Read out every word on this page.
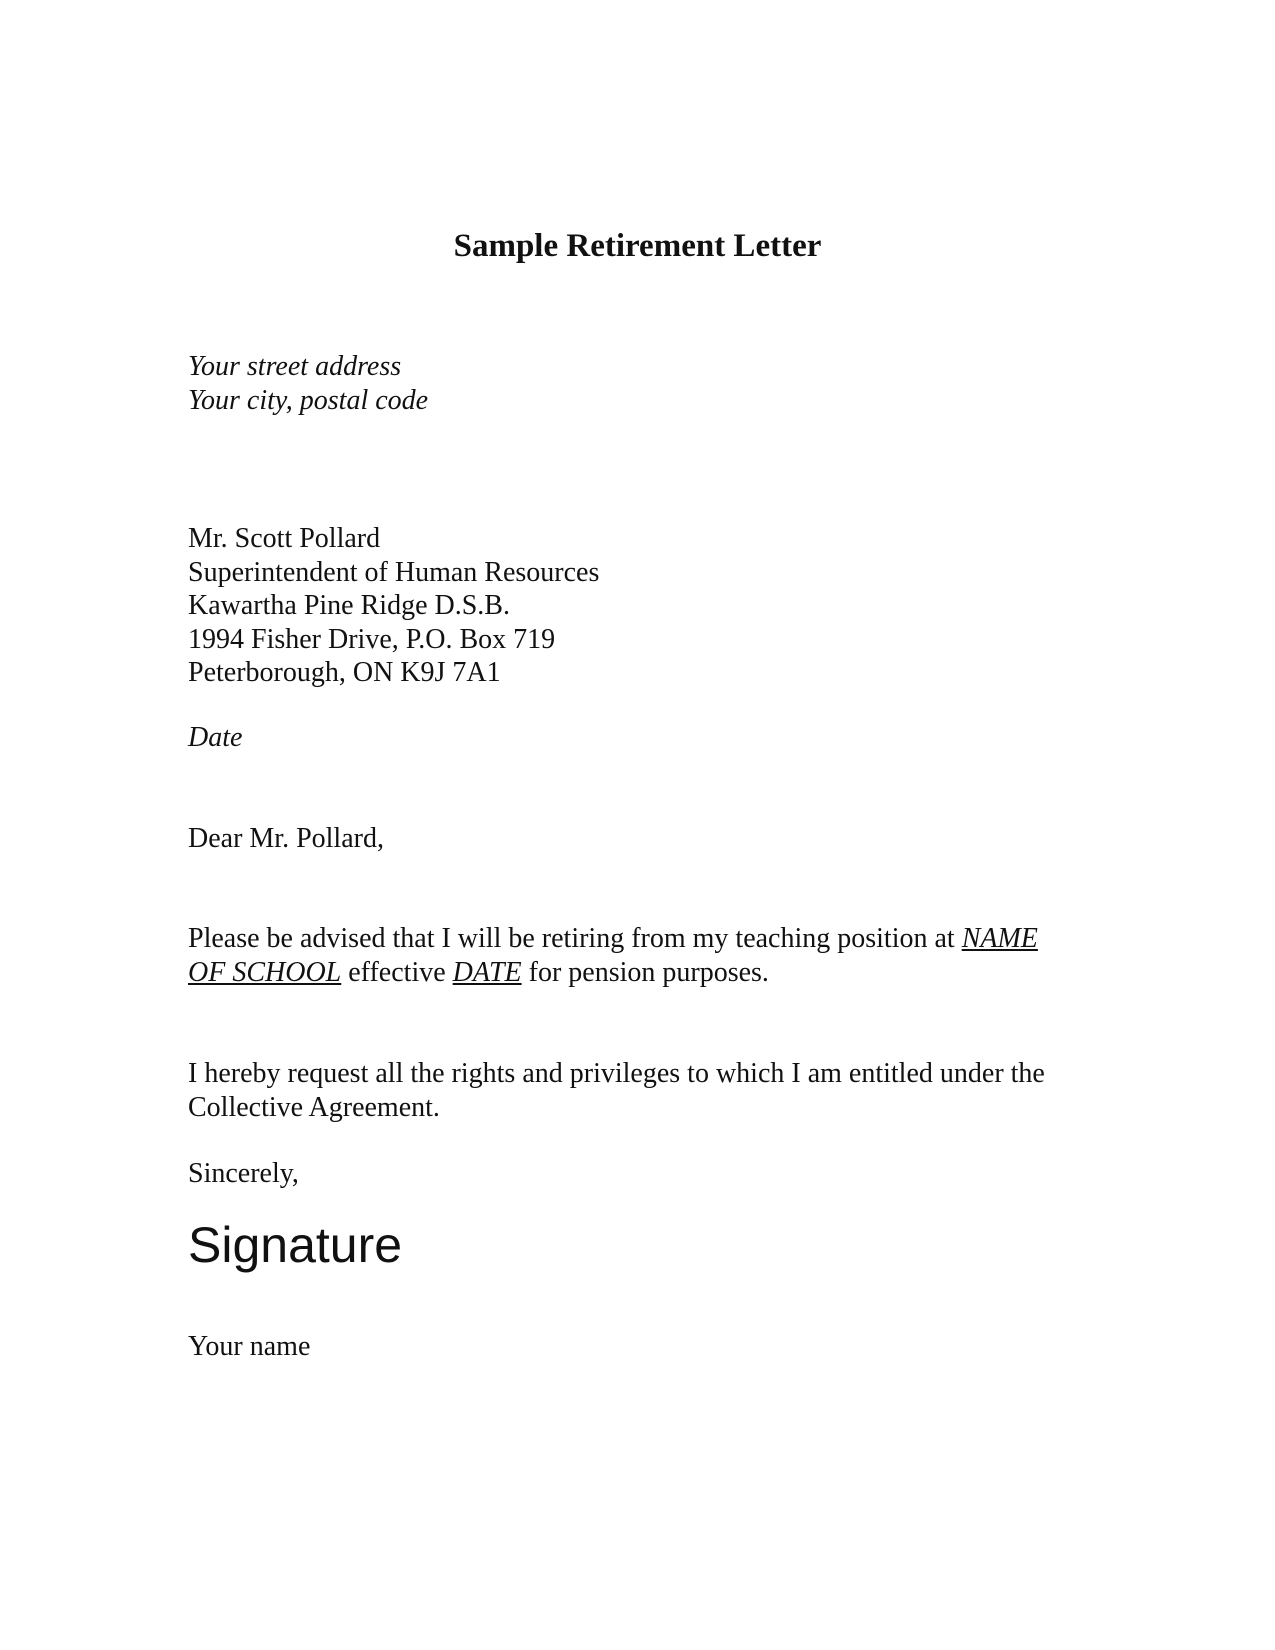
Sample Retirement Letter
Your street address
Your city, postal code
Mr. Scott Pollard
Superintendent of Human Resources
Kawartha Pine Ridge D.S.B.
1994 Fisher Drive, P.O. Box 719
Peterborough, ON K9J 7A1
Date
Dear Mr. Pollard,
Please be advised that I will be retiring from my teaching position at NAME
OF SCHOOL effective DATE for pension purposes.
I hereby request all the rights and privileges to which I am entitled under the
Collective Agreement.
Sincerely,
Signature
Your name
